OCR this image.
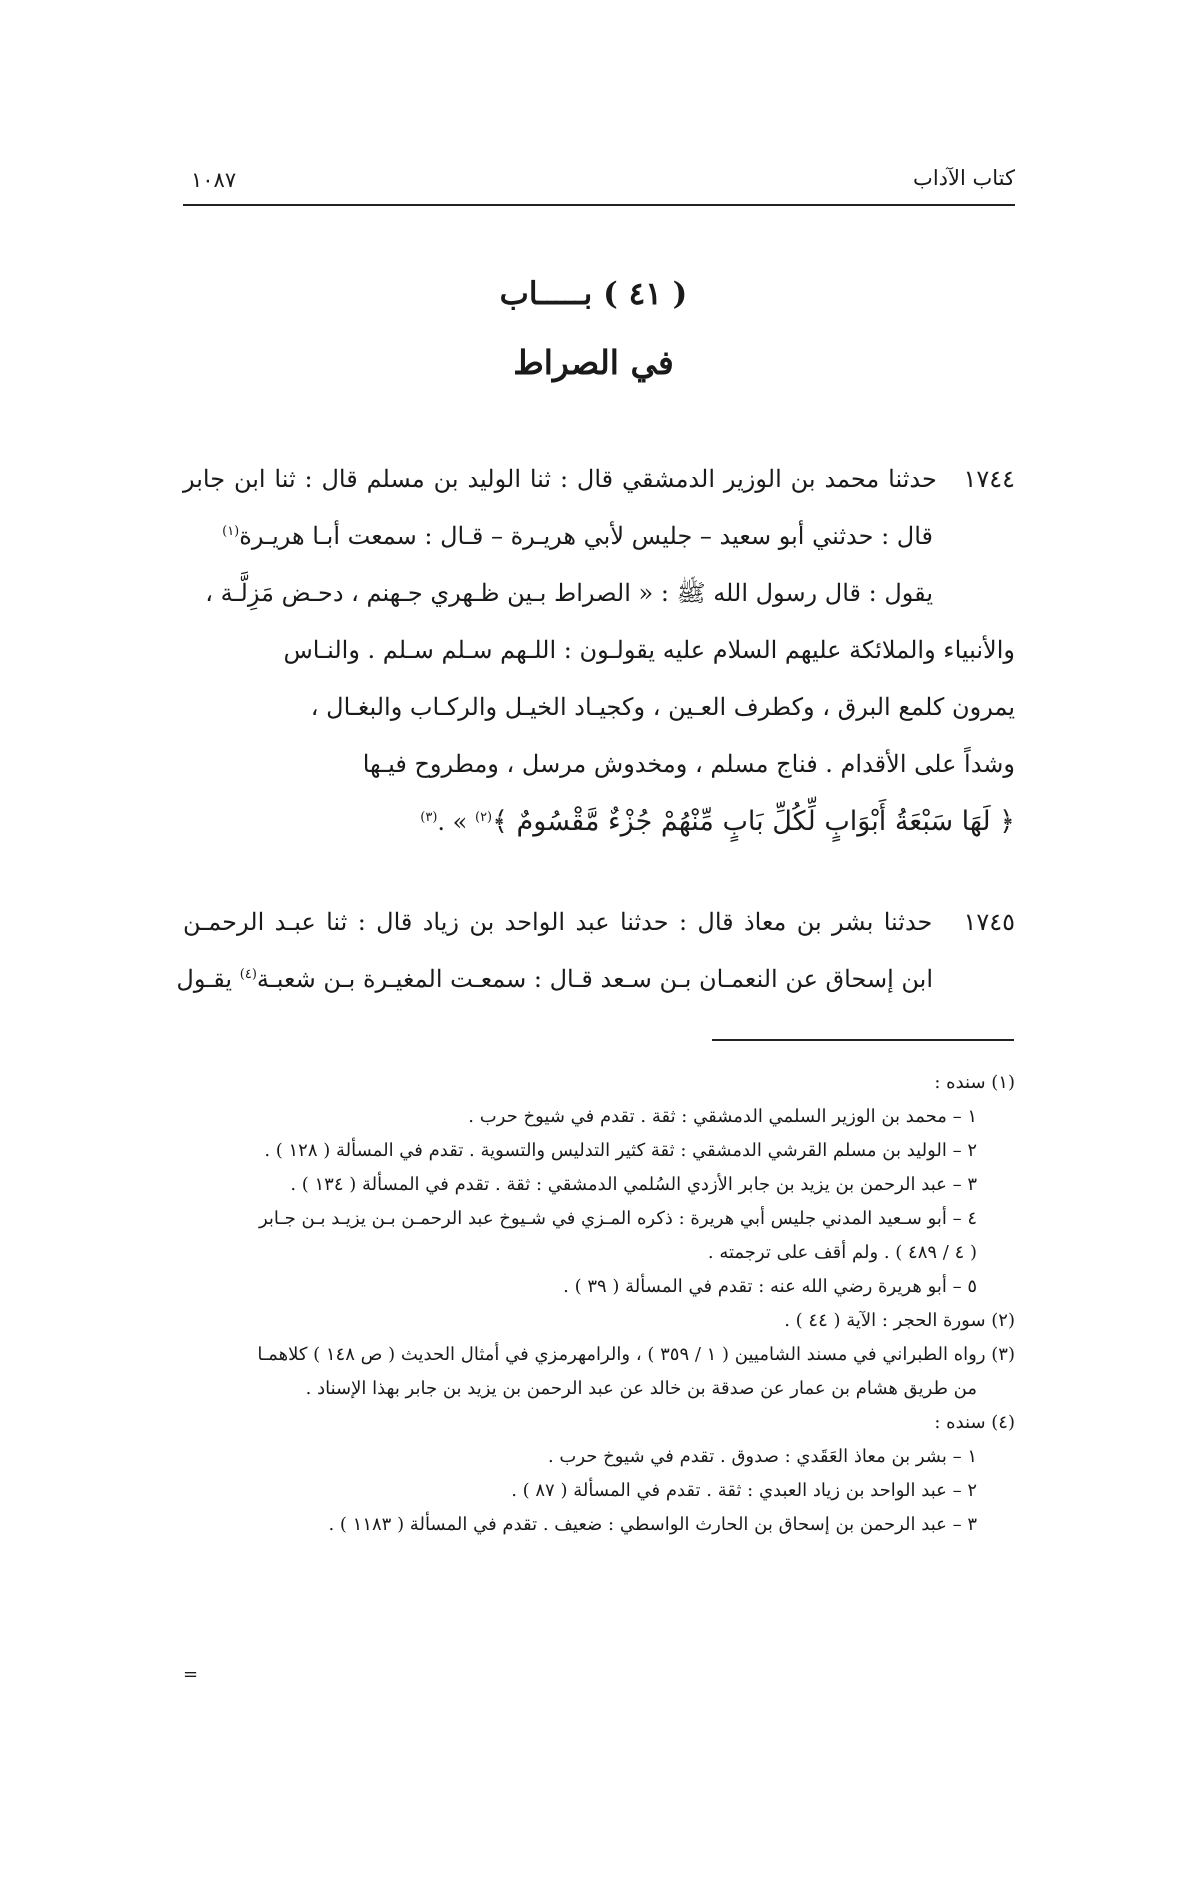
كتاب الآداب
١٠٨٧
( ٤١ ) بـــــاب
في الصراط
١٧٤٤   حدثنا محمد بن الوزير الدمشقي قال : ثنا الوليد بن مسلم قال : ثنا ابن جابر
قال : حدثني أبو سعيد – جليس لأبي هريـرة – قـال : سمعت أبـا هريـرة$^{(١)}$
يقول : قال رسول الله ﷺ : « الصراط بـين ظـهري جـهنم ، دحـض مَزِلَّـة ،
والأنبياء والملائكة عليهم السلام عليه يقولـون : اللـهم سـلم سـلم . والنـاس
يمرون كلمع البرق ، وكطرف العـين ، وكجيـاد الخيـل والركـاب والبغـال ،
وشداً على الأقدام . فناج مسلم ، ومخدوش مرسل ، ومطروح فيـها
﴿ لَهَا سَبْعَةُ أَبْوَابٍ لِّكُلِّ بَابٍ مِّنْهُمْ جُزْءٌ مَّقْسُومٌ ﴾$^{(٢)}$ » .$^{(٣)}$
١٧٤٥   حدثنا بشر بن معاذ قال : حدثنا عبد الواحد بن زياد قال : ثنا عبـد الرحمـن
ابن إسحاق عن النعمـان بـن سـعد قـال : سمعـت المغيـرة بـن شعبـة$^{(٤)}$ يقـول
(١) سنده :
١ – محمد بن الوزير السلمي الدمشقي : ثقة . تقدم في شيوخ حرب .
٢ – الوليد بن مسلم القرشي الدمشقي : ثقة كثير التدليس والتسوية . تقدم في المسألة ( ١٢٨ ) .
٣ – عبد الرحمن بن يزيد بن جابر الأزدي السُلمي الدمشقي : ثقة . تقدم في المسألة ( ١٣٤ ) .
٤ – أبو سـعيد المدني جليس أبي هريرة : ذكره المـزي في شـيوخ عبد الرحمـن بـن يزيـد بـن جـابر
( ٤ / ٤٨٩ ) . ولم أقف على ترجمته .
٥ – أبو هريرة رضي الله عنه : تقدم في المسألة ( ٣٩ ) .
(٢) سورة الحجر : الآية ( ٤٤ ) .
(٣) رواه الطبراني في مسند الشاميين ( ١ / ٣٥٩ ) ، والرامهرمزي في أمثال الحديث ( ص ١٤٨ ) كلاهمـا
من طريق هشام بن عمار عن صدقة بن خالد عن عبد الرحمن بن يزيد بن جابر بهذا الإسناد .
(٤) سنده :
١ – بشر بن معاذ العَقَدي : صدوق . تقدم في شيوخ حرب .
٢ – عبد الواحد بن زياد العبدي : ثقة . تقدم في المسألة ( ٨٧ ) .
٣ – عبد الرحمن بن إسحاق بن الحارث الواسطي : ضعيف . تقدم في المسألة ( ١١٨٣ ) .
=
